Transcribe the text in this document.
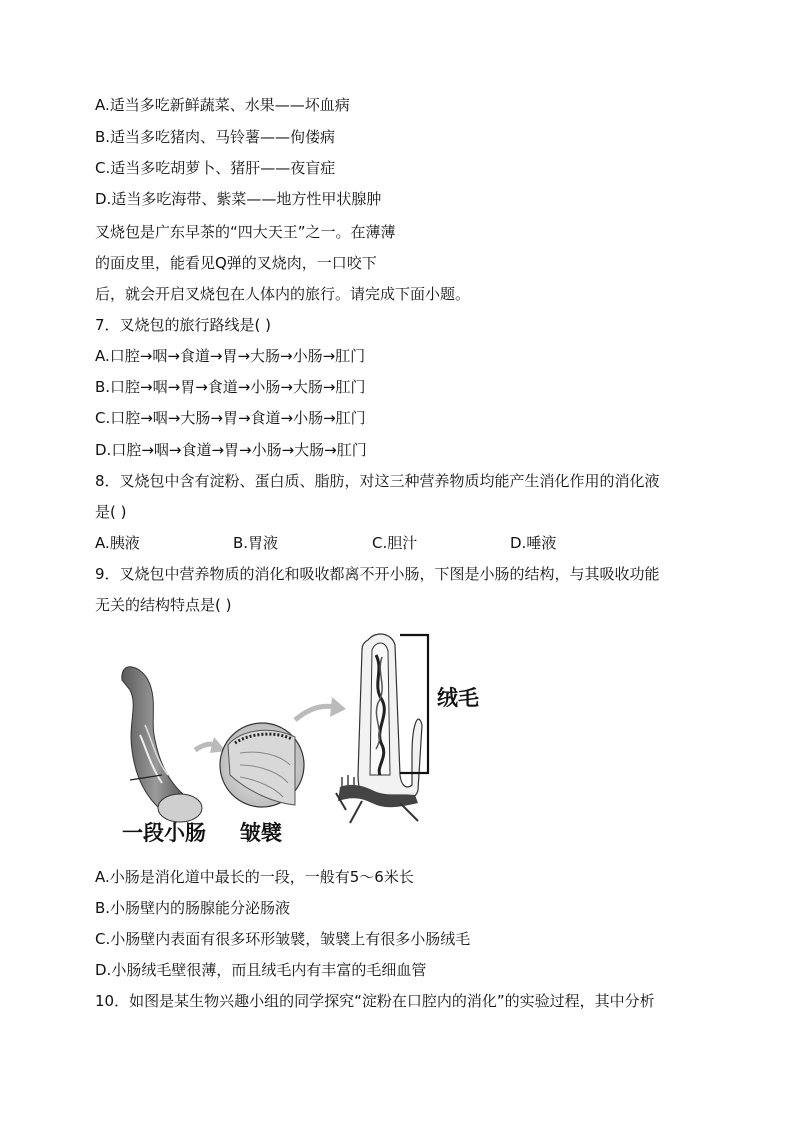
A.适当多吃新鲜蔬菜、水果——坏血病
B.适当多吃猪肉、马铃薯——佝偻病
C.适当多吃胡萝卜、猪肝——夜盲症
D.适当多吃海带、紫菜——地方性甲状腺肿
叉烧包是广东早茶的“四大天王”之一。在薄薄
的面皮里，能看见Q弹的叉烧肉，一口咬下
后，就会开启叉烧包在人体内的旅行。请完成下面小题。
7．叉烧包的旅行路线是( )
A.口腔→咽→食道→胃→大肠→小肠→肛门
B.口腔→咽→胃→食道→小肠→大肠→肛门
C.口腔→咽→大肠→胃→食道→小肠→肛门
D.口腔→咽→食道→胃→小肠→大肠→肛门
8．叉烧包中含有淀粉、蛋白质、脂肪，对这三种营养物质均能产生消化作用的消化液
是( )
A.胰液	B.胃液	C.胆汁	D.唾液
9．叉烧包中营养物质的消化和吸收都离不开小肠，下图是小肠的结构，与其吸收功能
无关的结构特点是( )
一段小肠 皱襞
绒毛
A.小肠是消化道中最长的一段，一般有5～6米长
B.小肠壁内的肠腺能分泌肠液
C.小肠壁内表面有很多环形皱襞，皱襞上有很多小肠绒毛
D.小肠绒毛壁很薄，而且绒毛内有丰富的毛细血管
10．如图是某生物兴趣小组的同学探究“淀粉在口腔内的消化”的实验过程，其中分析
